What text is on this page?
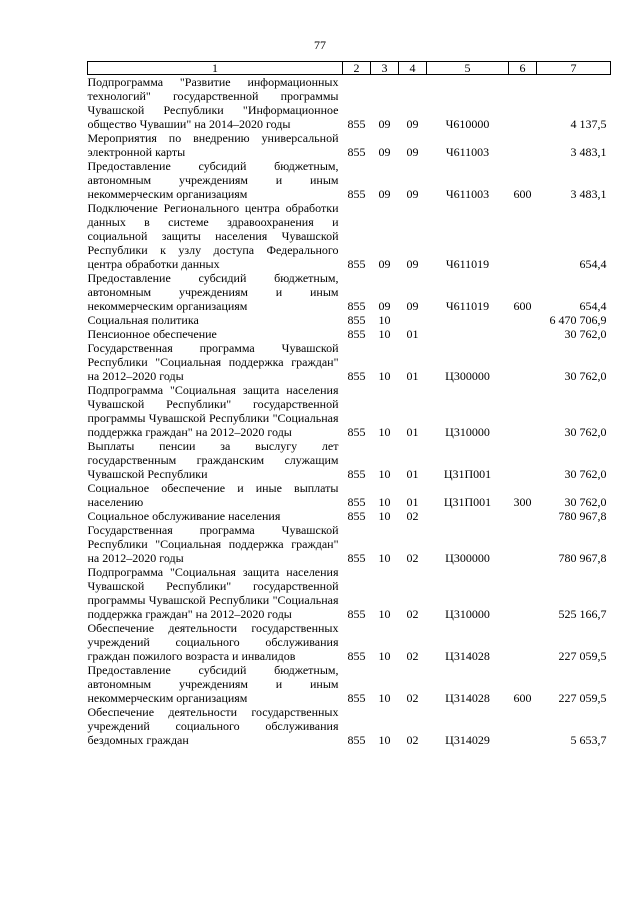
77
1	2	3	4	5	6	7
Подпрограмма "Развитие информационных технологий" государственной программы Чувашской Республики "Информационное общество Чувашии" на 2014–2020 годы	855	09	09	Ч610000		4 137,5
Мероприятия по внедрению универсальной электронной карты	855	09	09	Ч611003		3 483,1
Предоставление субсидий бюджетным, автономным учреждениям и иным некоммерческим организациям	855	09	09	Ч611003	600	3 483,1
Подключение Регионального центра обработки данных в системе здравоохранения и социальной защиты населения Чувашской Республики к узлу доступа Федерального центра обработки данных	855	09	09	Ч611019		654,4
Предоставление субсидий бюджетным, автономным учреждениям и иным некоммерческим организациям	855	09	09	Ч611019	600	654,4
Социальная политика	855	10				6 470 706,9
Пенсионное обеспечение	855	10	01			30 762,0
Государственная программа Чувашской Республики "Социальная поддержка граждан" на 2012–2020 годы	855	10	01	Ц300000		30 762,0
Подпрограмма "Социальная защита населения Чувашской Республики" государственной программы Чувашской Республики "Социальная поддержка граждан" на 2012–2020 годы	855	10	01	Ц310000		30 762,0
Выплаты пенсии за выслугу лет государственным гражданским служащим Чувашской Республики	855	10	01	Ц31П001		30 762,0
Социальное обеспечение и иные выплаты населению	855	10	01	Ц31П001	300	30 762,0
Социальное обслуживание населения	855	10	02			780 967,8
Государственная программа Чувашской Республики "Социальная поддержка граждан" на 2012–2020 годы	855	10	02	Ц300000		780 967,8
Подпрограмма "Социальная защита населения Чувашской Республики" государственной программы Чувашской Республики "Социальная поддержка граждан" на 2012–2020 годы	855	10	02	Ц310000		525 166,7
Обеспечение деятельности государственных учреждений социального обслуживания граждан пожилого возраста и инвалидов	855	10	02	Ц314028		227 059,5
Предоставление субсидий бюджетным, автономным учреждениям и иным некоммерческим организациям	855	10	02	Ц314028	600	227 059,5
Обеспечение деятельности государственных учреждений социального обслуживания бездомных граждан	855	10	02	Ц314029		5 653,7
